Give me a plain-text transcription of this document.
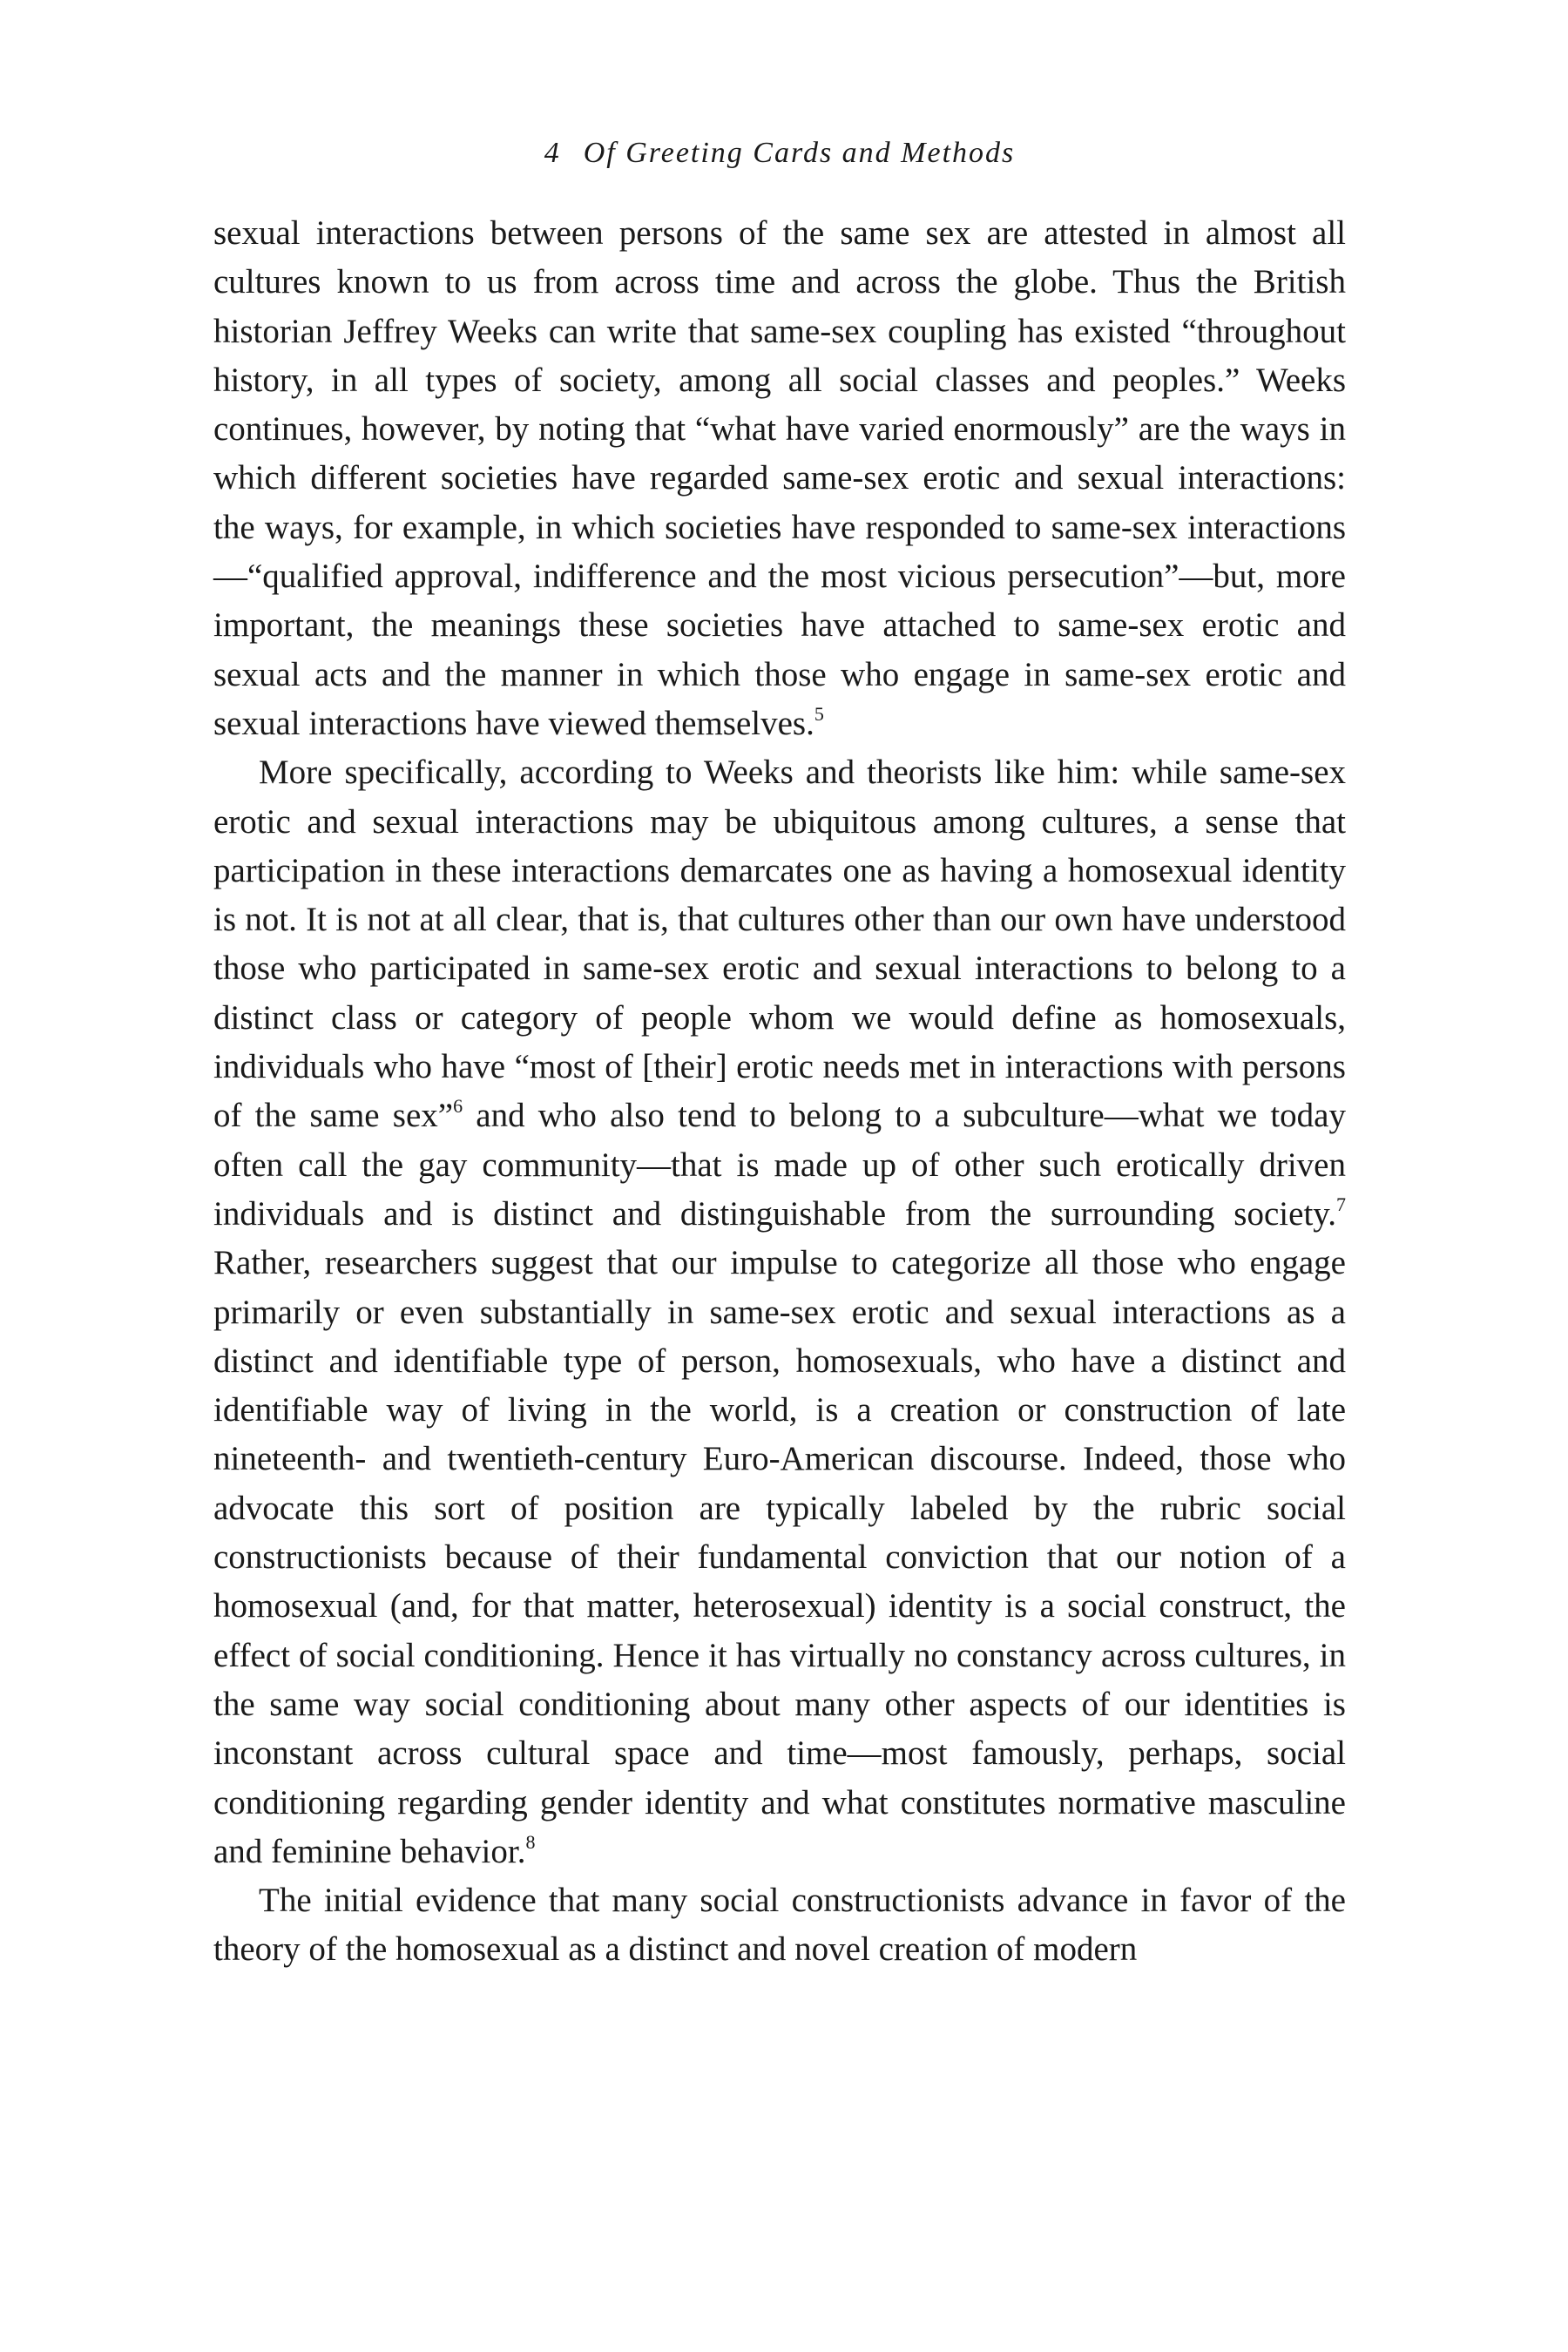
4 Of Greeting Cards and Methods

sexual interactions between persons of the same sex are attested in almost all cultures known to us from across time and across the globe. Thus the British historian Jeffrey Weeks can write that same-sex coupling has existed “throughout history, in all types of society, among all social classes and peoples.” Weeks continues, however, by noting that “what have varied enormously” are the ways in which different societies have regarded same-sex erotic and sexual interactions: the ways, for example, in which societies have responded to same-sex interactions—“qualified approval, indifference and the most vicious persecution”—but, more important, the meanings these societies have attached to same-sex erotic and sexual acts and the manner in which those who engage in same-sex erotic and sexual interactions have viewed themselves.$^5$

More specifically, according to Weeks and theorists like him: while same-sex erotic and sexual interactions may be ubiquitous among cultures, a sense that participation in these interactions demarcates one as having a homosexual identity is not. It is not at all clear, that is, that cultures other than our own have understood those who participated in same-sex erotic and sexual interactions to belong to a distinct class or category of people whom we would define as homosexuals, individuals who have “most of [their] erotic needs met in interactions with persons of the same sex”$^6$ and who also tend to belong to a subculture—what we today often call the gay community—that is made up of other such erotically driven individuals and is distinct and distinguishable from the surrounding society.$^7$ Rather, researchers suggest that our impulse to categorize all those who engage primarily or even substantially in same-sex erotic and sexual interactions as a distinct and identifiable type of person, homosexuals, who have a distinct and identifiable way of living in the world, is a creation or construction of late nineteenth- and twentieth-century Euro-American discourse. Indeed, those who advocate this sort of position are typically labeled by the rubric social constructionists because of their fundamental conviction that our notion of a homosexual (and, for that matter, heterosexual) identity is a social construct, the effect of social conditioning. Hence it has virtually no constancy across cultures, in the same way social conditioning about many other aspects of our identities is inconstant across cultural space and time—most famously, perhaps, social conditioning regarding gender identity and what constitutes normative masculine and feminine behavior.$^8$

The initial evidence that many social constructionists advance in favor of the theory of the homosexual as a distinct and novel creation of modern
